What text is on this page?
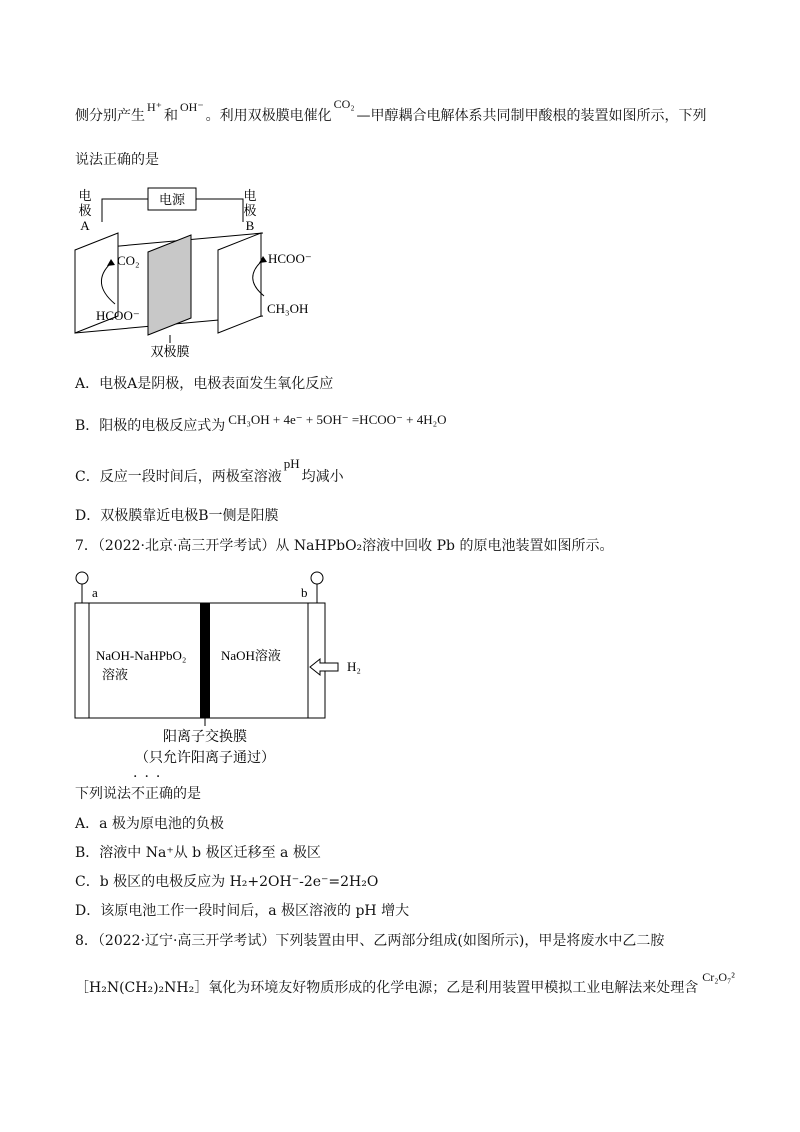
侧分别产生H⁺和OH⁻。利用双极膜电催化CO₂—甲醇耦合电解体系共同制甲酸根的装置如图所示，下列
说法正确的是
电源
电
极
A
电
极
B
CO₂
HCOO⁻
HCOO⁻
CH₃OH
双极膜
A．电极A是阴极，电极表面发生氧化反应
B．阳极的电极反应式为 CH₃OH + 4e⁻ + 5OH⁻ =HCOO⁻ + 4H₂O
C．反应一段时间后，两极室溶液pH均减小
D．双极膜靠近电极B一侧是阳膜
7．（2022·北京·高三开学考试）从 NaHPbO₂溶液中回收 Pb 的原电池装置如图所示。
a	b
NaOH-NaHPbO₂
溶液
NaOH溶液
H₂
阳离子交换膜
（只允许阳离子通过）
···
下列说法不正确的是
A．a 极为原电池的负极
B．溶液中 Na⁺从 b 极区迁移至 a 极区
C．b 极区的电极反应为 H₂+2OH⁻-2e⁻=2H₂O
D．该原电池工作一段时间后，a 极区溶液的 pH 增大
8．（2022·辽宁·高三开学考试）下列装置由甲、乙两部分组成(如图所示)，甲是将废水中乙二胺
［H₂N(CH₂)₂NH₂］氧化为环境友好物质形成的化学电源；乙是利用装置甲模拟工业电解法来处理含Cr₂O₇²
